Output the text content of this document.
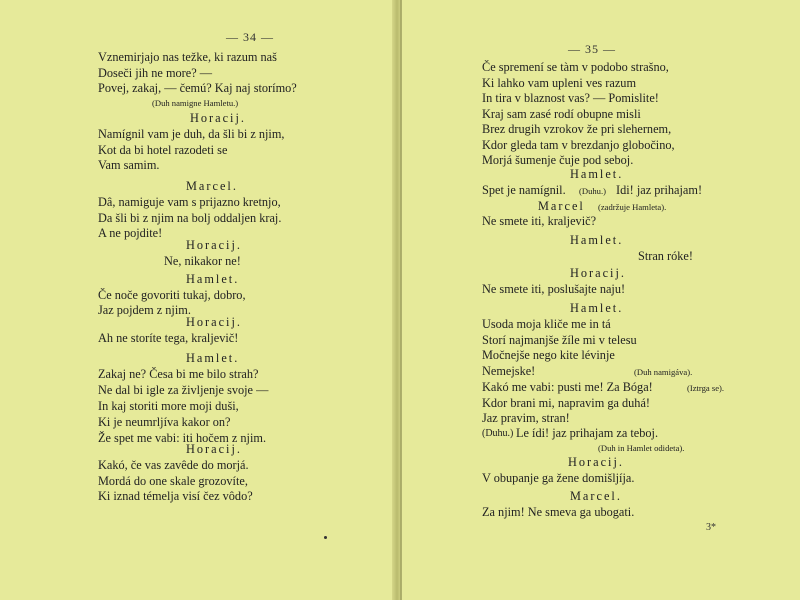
— 34 —
Vznemirjajo nas težke, ki razum naš
Doseči jih ne more? —
Povej, zakaj, — čemú? Kaj naj storímo?
(Duh namigne Hamletu.)
Horacij.
Namígnil vam je duh, da šli bi z njim,
Kot da bi hotel razodeti se
Vam samim.
Marcel.
Dâ, namiguje vam s prijazno kretnjo,
Da šli bi z njim na bolj oddaljen kraj.
A ne pojdite!
Horacij.
Ne, nikakor ne!
Hamlet.
Če noče govoriti tukaj, dobro,
Jaz pojdem z njim.
Horacij.
Ah ne storíte tega, kraljevič!
Hamlet.
Zakaj ne? Česa bi me bilo strah?
Ne dal bi igle za življenje svoje —
In kaj storiti more moji duši,
Ki je neumrljíva kakor on?
Že spet me vabi: iti hočem z njim.
Horacij.
Kakó, če vas zavêde do morjá.
Mordá do one skale grozovíte,
Ki iznad témelja visí čez vôdo?
— 35 —
Če spremení se tàm v podobo strašno,
Ki lahko vam upleni ves razum
In tira v blaznost vas? — Pomislite!
Kraj sam zasé rodí obupne misli
Brez drugih vzrokov že pri slehernem,
Kdor gleda tam v brezdanjo globočino,
Morjá šumenje čuje pod seboj.
Hamlet.
Spet je namígnil. (Duhu.) Idi! jaz prihajam!
Marcel (zadržuje Hamleta).
Ne smete iti, kraljevič?
Hamlet.
Stran róke!
Horacij.
Ne smete iti, poslušajte naju!
Hamlet.
Usoda moja kliče me in tá
Storí najmanjše žíle mi v telesu
Močnejše nego kite lévinje
Nemejske!	(Duh namigáva).
Kakó me vabi: pusti me! Za Bóga!	(Iztrga se).
Kdor brani mi, napravim ga duhá!
Jaz pravim, stran!
(Duhu.) Le ídi! jaz prihajam za teboj.
(Duh in Hamlet odideta).
Horacij.
V obupanje ga žene domišljíja.
Marcel.
Za njim! Ne smeva ga ubogati.
3*
